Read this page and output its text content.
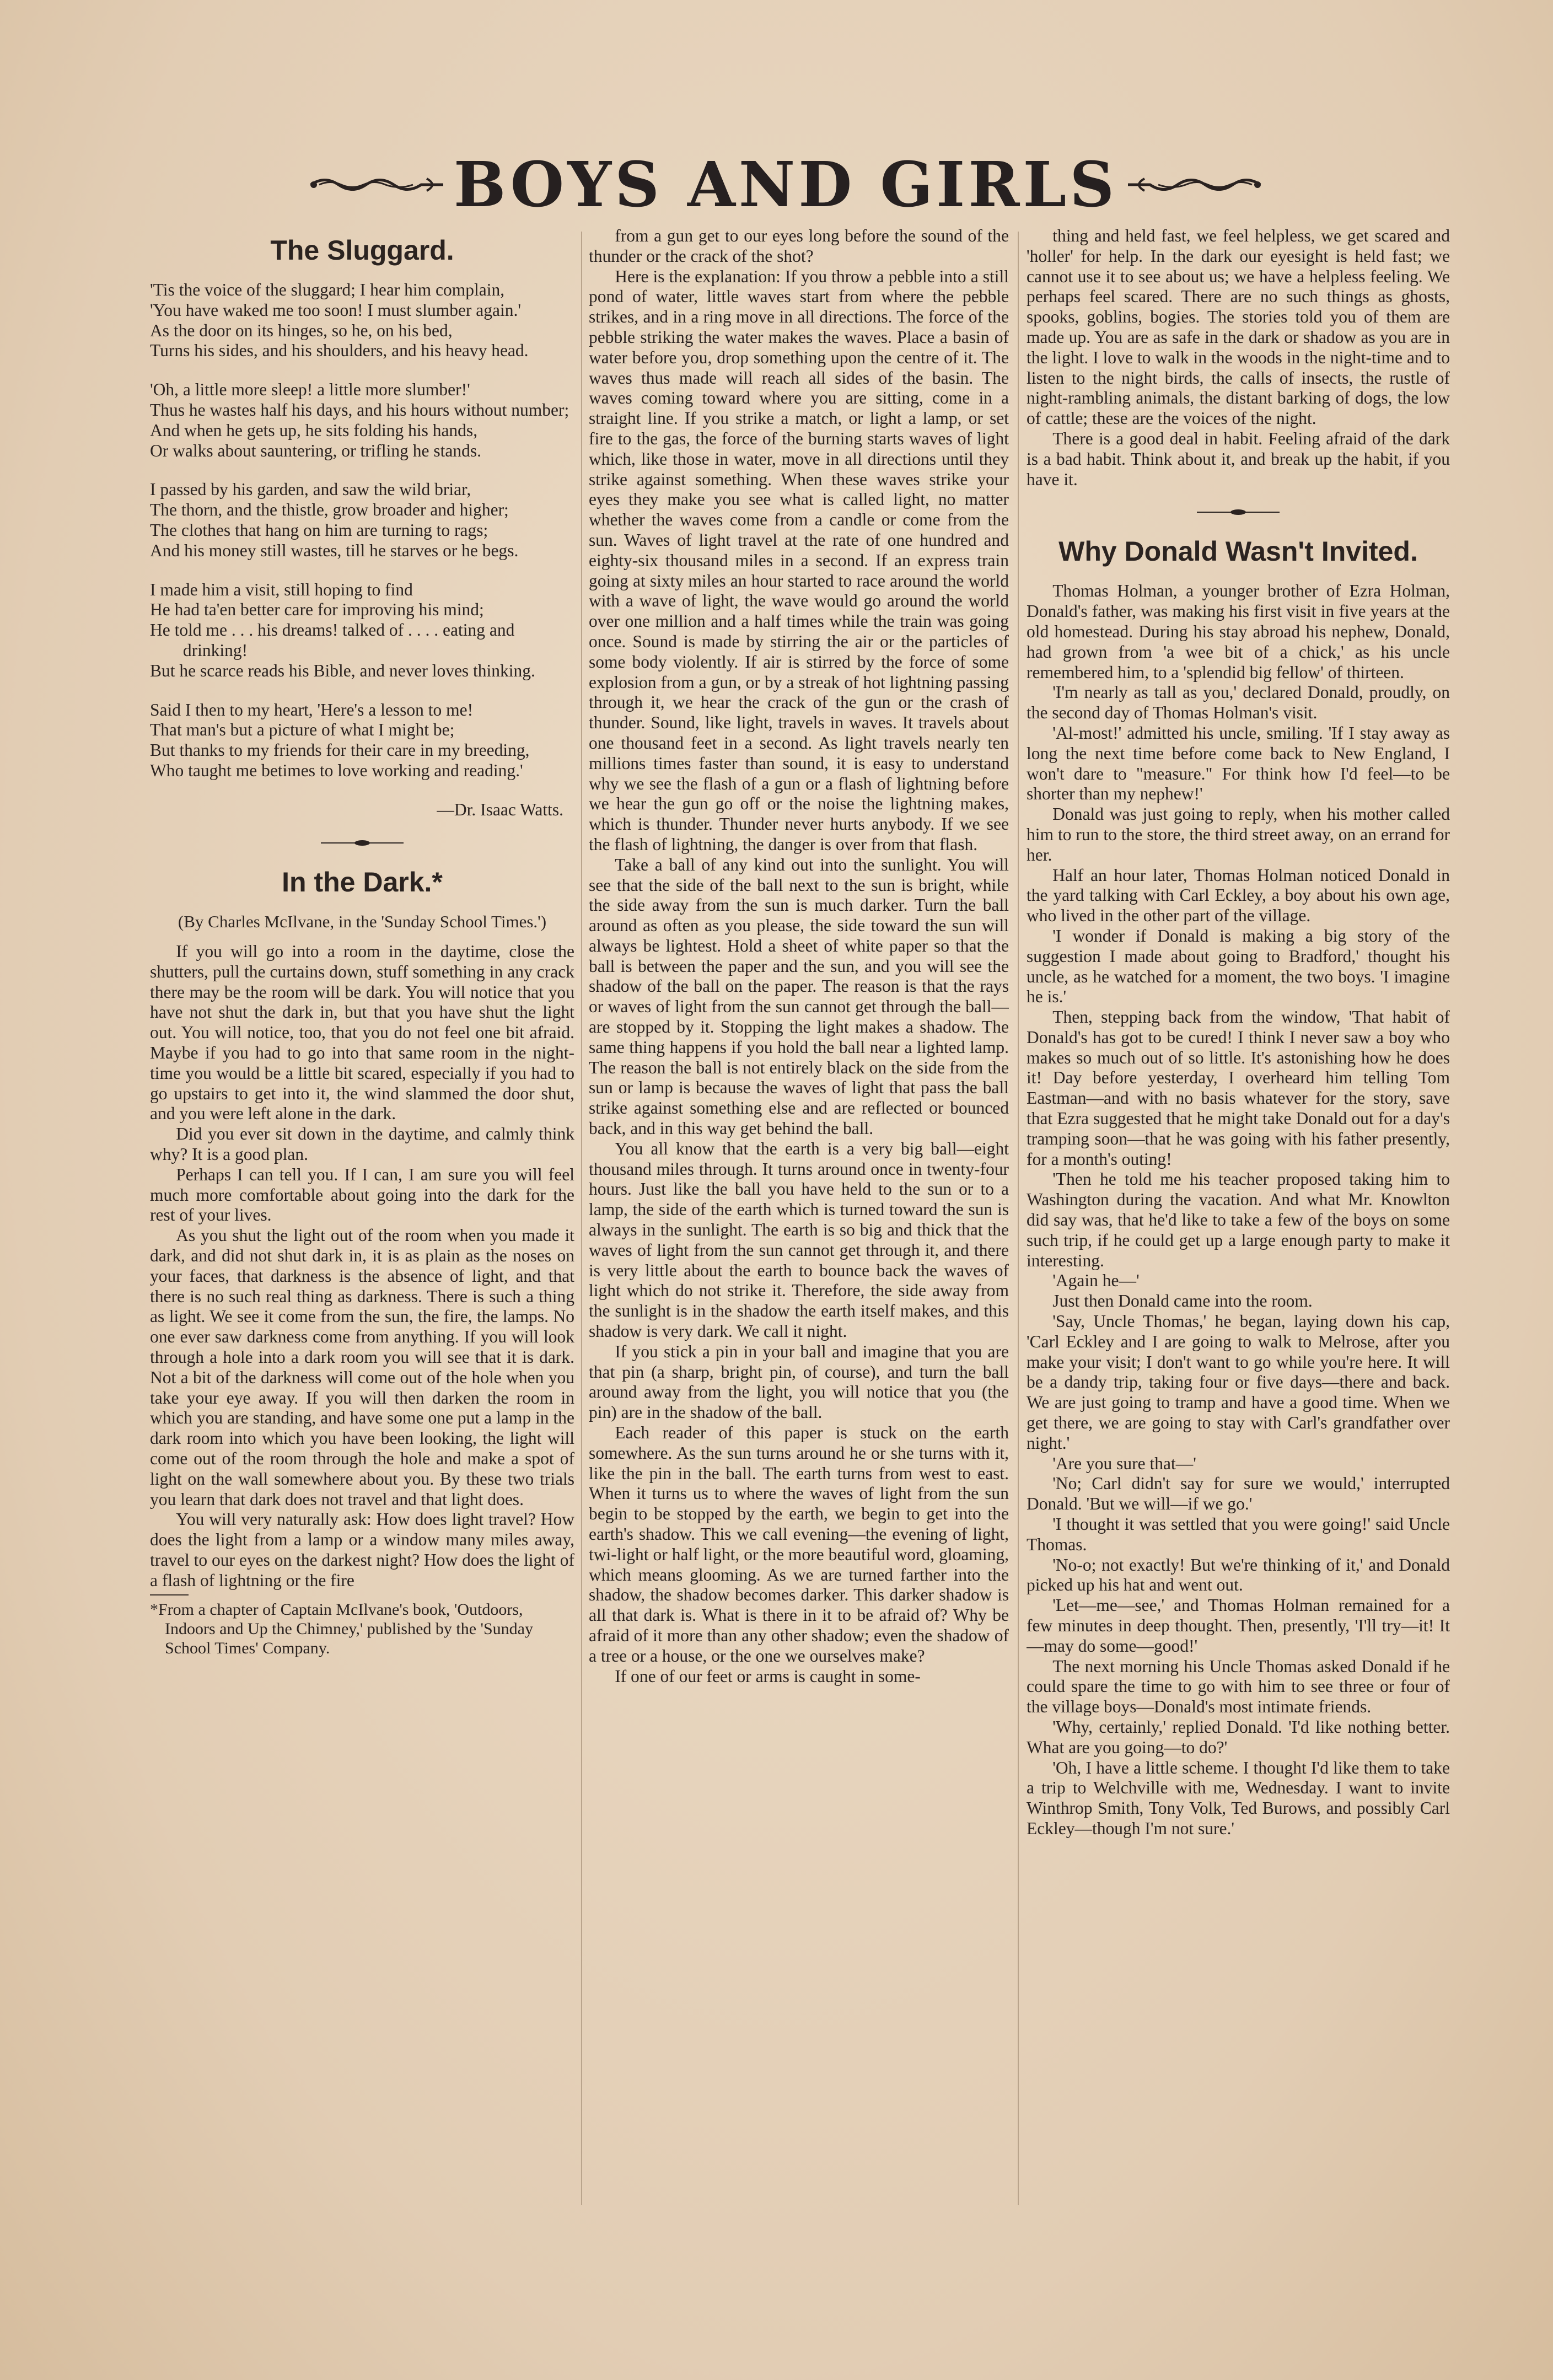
BOYS AND GIRLS
The Sluggard.

'Tis the voice of the sluggard; I hear him complain,

'You have waked me too soon! I must slumber again.'

As the door on its hinges, so he, on his bed,

Turns his sides, and his shoulders, and his heavy head.

'Oh, a little more sleep! a little more slumber!'

Thus he wastes half his days, and his hours without number;

And when he gets up, he sits folding his hands,

Or walks about sauntering, or trifling he stands.

I passed by his garden, and saw the wild briar,

The thorn, and the thistle, grow broader and higher;

The clothes that hang on him are turning to rags;

And his money still wastes, till he starves or he begs.

I made him a visit, still hoping to find

He had ta'en better care for improving his mind;

He told me . . . his dreams! talked of . . . . eating and drinking!

But he scarce reads his Bible, and never loves thinking.

Said I then to my heart, 'Here's a lesson to me!

That man's but a picture of what I might be;

But thanks to my friends for their care in my breeding,

Who taught me betimes to love working and reading.'

—Dr. Isaac Watts.
In the Dark.*
(By Charles McIlvane, in the 'Sunday School Times.')

If you will go into a room in the daytime, close the shutters, pull the curtains down, stuff something in any crack there may be the room will be dark. You will notice that you have not shut the dark in, but that you have shut the light out. You will notice, too, that you do not feel one bit afraid. Maybe if you had to go into that same room in the night-time you would be a little bit scared, especially if you had to go upstairs to get into it, the wind slammed the door shut, and you were left alone in the dark.

Did you ever sit down in the daytime, and calmly think why? It is a good plan.

Perhaps I can tell you. If I can, I am sure you will feel much more comfortable about going into the dark for the rest of your lives.

As you shut the light out of the room when you made it dark, and did not shut dark in, it is as plain as the noses on your faces, that darkness is the absence of light, and that there is no such real thing as darkness. There is such a thing as light. We see it come from the sun, the fire, the lamps. No one ever saw darkness come from anything. If you will look through a hole into a dark room you will see that it is dark. Not a bit of the darkness will come out of the hole when you take your eye away. If you will then darken the room in which you are standing, and have some one put a lamp in the dark room into which you have been looking, the light will come out of the room through the hole and make a spot of light on the wall somewhere about you. By these two trials you learn that dark does not travel and that light does.

You will very naturally ask: How does light travel? How does the light from a lamp or a window many miles away, travel to our eyes on the darkest night? How does the light of a flash of lightning or the fire

*From a chapter of Captain McIlvane's book, 'Outdoors, Indoors and Up the Chimney,' published by the 'Sunday School Times' Company.

from a gun get to our eyes long before the sound of the thunder or the crack of the shot?

Here is the explanation: If you throw a pebble into a still pond of water, little waves start from where the pebble strikes, and in a ring move in all directions. The force of the pebble striking the water makes the waves. Place a basin of water before you, drop something upon the centre of it. The waves thus made will reach all sides of the basin. The waves coming toward where you are sitting, come in a straight line. If you strike a match, or light a lamp, or set fire to the gas, the force of the burning starts waves of light which, like those in water, move in all directions until they strike against something. When these waves strike your eyes they make you see what is called light, no matter whether the waves come from a candle or come from the sun. Waves of light travel at the rate of one hundred and eighty-six thousand miles in a second. If an express train going at sixty miles an hour started to race around the world with a wave of light, the wave would go around the world over one million and a half times while the train was going once. Sound is made by stirring the air or the particles of some body violently. If air is stirred by the force of some explosion from a gun, or by a streak of hot lightning passing through it, we hear the crack of the gun or the crash of thunder. Sound, like light, travels in waves. It travels about one thousand feet in a second. As light travels nearly ten millions times faster than sound, it is easy to understand why we see the flash of a gun or a flash of lightning before we hear the gun go off or the noise the lightning makes, which is thunder. Thunder never hurts anybody. If we see the flash of lightning, the danger is over from that flash.

Take a ball of any kind out into the sunlight. You will see that the side of the ball next to the sun is bright, while the side away from the sun is much darker. Turn the ball around as often as you please, the side toward the sun will always be lightest. Hold a sheet of white paper so that the ball is between the paper and the sun, and you will see the shadow of the ball on the paper. The reason is that the rays or waves of light from the sun cannot get through the ball—are stopped by it. Stopping the light makes a shadow. The same thing happens if you hold the ball near a lighted lamp. The reason the ball is not entirely black on the side from the sun or lamp is because the waves of light that pass the ball strike against something else and are reflected or bounced back, and in this way get behind the ball.

You all know that the earth is a very big ball—eight thousand miles through. It turns around once in twenty-four hours. Just like the ball you have held to the sun or to a lamp, the side of the earth which is turned toward the sun is always in the sunlight. The earth is so big and thick that the waves of light from the sun cannot get through it, and there is very little about the earth to bounce back the waves of light which do not strike it. Therefore, the side away from the sunlight is in the shadow the earth itself makes, and this shadow is very dark. We call it night.

If you stick a pin in your ball and imagine that you are that pin (a sharp, bright pin, of course), and turn the ball around away from the light, you will notice that you (the pin) are in the shadow of the ball.

Each reader of this paper is stuck on the earth somewhere. As the sun turns around he or she turns with it, like the pin in the ball. The earth turns from west to east. When it turns us to where the waves of light from the sun begin to be stopped by the earth, we begin to get into the earth's shadow. This we call evening—the evening of light, twi-light or half light, or the more beautiful word, gloaming, which means glooming. As we are turned farther into the shadow, the shadow becomes darker. This darker shadow is all that dark is. What is there in it to be afraid of? Why be afraid of it more than any other shadow; even the shadow of a tree or a house, or the one we ourselves make?

If one of our feet or arms is caught in some-

thing and held fast, we feel helpless, we get scared and 'holler' for help. In the dark our eyesight is held fast; we cannot use it to see about us; we have a helpless feeling. We perhaps feel scared. There are no such things as ghosts, spooks, goblins, bogies. The stories told you of them are made up. You are as safe in the dark or shadow as you are in the light. I love to walk in the woods in the night-time and to listen to the night birds, the calls of insects, the rustle of night-rambling animals, the distant barking of dogs, the low of cattle; these are the voices of the night.

There is a good deal in habit. Feeling afraid of the dark is a bad habit. Think about it, and break up the habit, if you have it.

Why Donald Wasn't Invited.

Thomas Holman, a younger brother of Ezra Holman, Donald's father, was making his first visit in five years at the old homestead. During his stay abroad his nephew, Donald, had grown from 'a wee bit of a chick,' as his uncle remembered him, to a 'splendid big fellow' of thirteen.

'I'm nearly as tall as you,' declared Donald, proudly, on the second day of Thomas Holman's visit.

'Al-most!' admitted his uncle, smiling. 'If I stay away as long the next time before come back to New England, I won't dare to "measure." For think how I'd feel—to be shorter than my nephew!'

Donald was just going to reply, when his mother called him to run to the store, the third street away, on an errand for her.

Half an hour later, Thomas Holman noticed Donald in the yard talking with Carl Eckley, a boy about his own age, who lived in the other part of the village.

'I wonder if Donald is making a big story of the suggestion I made about going to Bradford,' thought his uncle, as he watched for a moment, the two boys. 'I imagine he is.'

Then, stepping back from the window, 'That habit of Donald's has got to be cured! I think I never saw a boy who makes so much out of so little. It's astonishing how he does it! Day before yesterday, I overheard him telling Tom Eastman—and with no basis whatever for the story, save that Ezra suggested that he might take Donald out for a day's tramping soon—that he was going with his father presently, for a month's outing!

'Then he told me his teacher proposed taking him to Washington during the vacation. And what Mr. Knowlton did say was, that he'd like to take a few of the boys on some such trip, if he could get up a large enough party to make it interesting.

'Again he—'

Just then Donald came into the room.

'Say, Uncle Thomas,' he began, laying down his cap, 'Carl Eckley and I are going to walk to Melrose, after you make your visit; I don't want to go while you're here. It will be a dandy trip, taking four or five days—there and back. We are just going to tramp and have a good time. When we get there, we are going to stay with Carl's grandfather over night.'

'Are you sure that—'

'No; Carl didn't say for sure we would,' interrupted Donald. 'But we will—if we go.'

'I thought it was settled that you were going!' said Uncle Thomas.

'No-o; not exactly! But we're thinking of it,' and Donald picked up his hat and went out.

'Let—me—see,' and Thomas Holman remained for a few minutes in deep thought. Then, presently, 'I'll try—it! It—may do some—good!'

The next morning his Uncle Thomas asked Donald if he could spare the time to go with him to see three or four of the village boys—Donald's most intimate friends.

'Why, certainly,' replied Donald. 'I'd like nothing better. What are you going—to do?'

'Oh, I have a little scheme. I thought I'd like them to take a trip to Welchville with me, Wednesday. I want to invite Winthrop Smith, Tony Volk, Ted Burows, and possibly Carl Eckley—though I'm not sure.'
